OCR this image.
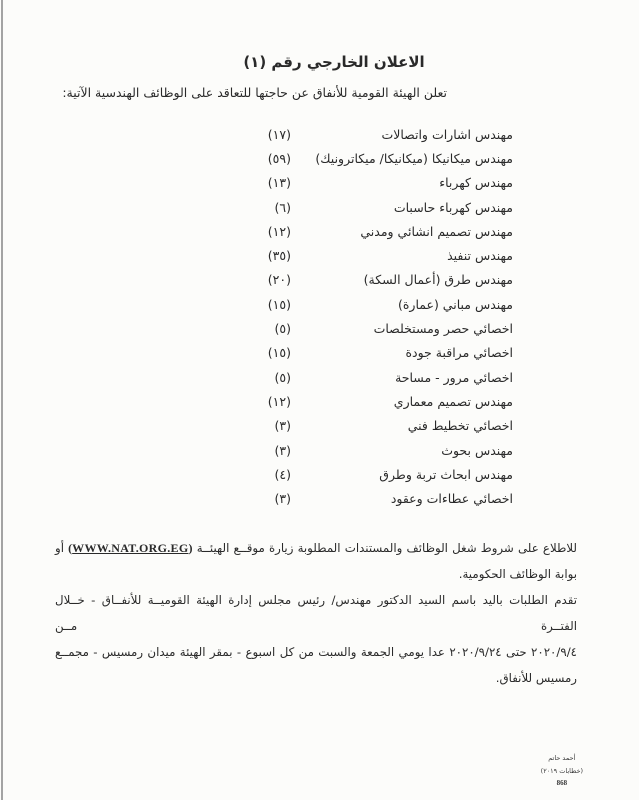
الاعلان الخارجي رقم (١)

تعلن الهيئة القومية للأنفاق عن حاجتها للتعاقد على الوظائف الهندسية الآتية:

مهندس اشارات واتصالات
(١٧)
مهندس ميكانيكا (ميكانيكا/ ميكاترونيك)
(٥٩)
مهندس كهرباء
(١٣)
مهندس كهرباء حاسبات
(٦)
مهندس تصميم انشائي ومدني
(١٢)
مهندس تنفيذ
(٣٥)
مهندس طرق (أعمال السكة)
(٢٠)
مهندس مباني (عمارة)
(١٥)
اخصائي حصر ومستخلصات
(٥)
اخصائي مراقبة جودة
(١٥)
اخصائي مرور - مساحة
(٥)
مهندس تصميم معماري
(١٢)
اخصائي تخطيط فني
(٣)
مهندس بحوث
(٣)
مهندس ابحاث تربة وطرق
(٤)
اخصائي عطاءات وعقود
(٣)
للاطلاع على شروط شغل الوظائف والمستندات المطلوبة زيارة موقــع الهيئــة (WWW.NAT.ORG.EG) أو
بوابة الوظائف الحكومية.
تقدم الطلبات باليد باسم السيد الدكتور مهندس/ رئيس مجلس إدارة الهيئة القوميــة للأنفــاق - خــلال الفتــرة مــن
٢٠٢٠/٩/٤ حتى ٢٠٢٠/٩/٢٤ عدا يومي الجمعة والسبت من كل اسبوع - بمقر الهيئة ميدان رمسيس - مجمــع
رمسيس للأنفاق.
أحمد حاتم
(خطابات ٢٠١٩)
868
